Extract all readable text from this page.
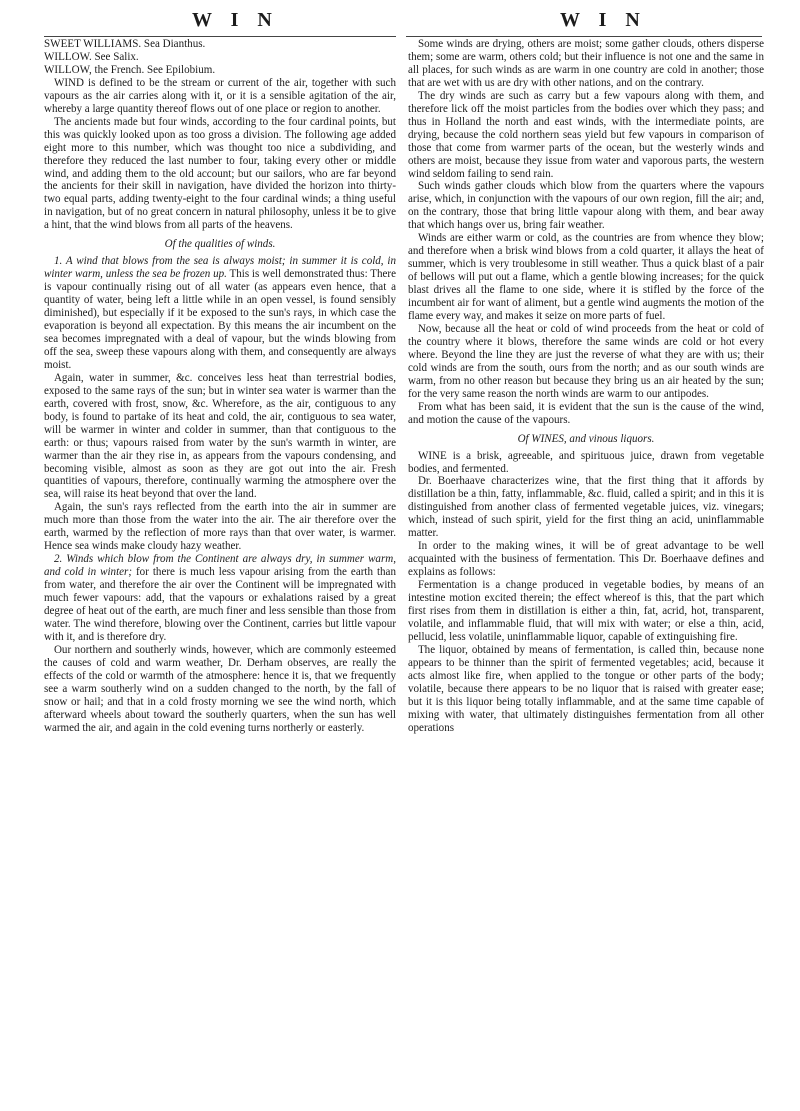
W I N	W I N

SWEET WILLIAMS. Sea Dianthus.

WILLOW. See Salix.

WILLOW, the French. See Epilobium.

WIND is defined to be the stream or current of the air, together with such vapours as the air carries along with it, or it is a sensible agitation of the air, whereby a large quantity thereof flows out of one place or region to another.

The ancients made but four winds, according to the four cardinal points, but this was quickly looked upon as too gross a division. The following age added eight more to this number, which was thought too nice a subdividing, and therefore they reduced the last number to four, taking every other or middle wind, and adding them to the old account; but our sailors, who are far beyond the ancients for their skill in navigation, have divided the horizon into thirty-two equal parts, adding twenty-eight to the four cardinal winds; a thing useful in navigation, but of no great concern in natural philosophy, unless it be to give a hint, that the wind blows from all parts of the heavens.

Of the qualities of winds.

1. A wind that blows from the sea is always moist; in summer it is cold, in winter warm, unless the sea be frozen up. This is well demonstrated thus: There is vapour continually rising out of all water (as appears even hence, that a quantity of water, being left a little while in an open vessel, is found sensibly diminished), but especially if it be exposed to the sun's rays, in which case the evaporation is beyond all expectation. By this means the air incumbent on the sea becomes impregnated with a deal of vapour, but the winds blowing from off the sea, sweep these vapours along with them, and consequently are always moist.

Again, water in summer, &c. conceives less heat than terrestrial bodies, exposed to the same rays of the sun; but in winter sea water is warmer than the earth, covered with frost, snow, &c. Wherefore, as the air, contiguous to any body, is found to partake of its heat and cold, the air, contiguous to sea water, will be warmer in winter and colder in summer, than that contiguous to the earth: or thus; vapours raised from water by the sun's warmth in winter, are warmer than the air they rise in, as appears from the vapours condensing, and becoming visible, almost as soon as they are got out into the air. Fresh quantities of vapours, therefore, continually warming the atmosphere over the sea, will raise its heat beyond that over the land.

Again, the sun's rays reflected from the earth into the air in summer are much more than those from the water into the air. The air therefore over the earth, warmed by the reflection of more rays than that over water, is warmer. Hence sea winds make cloudy hazy weather.

2. Winds which blow from the Continent are always dry, in summer warm, and cold in winter; for there is much less vapour arising from the earth than from water, and therefore the air over the Continent will be impregnated with much fewer vapours: add, that the vapours or exhalations raised by a great degree of heat out of the earth, are much finer and less sensible than those from water. The wind therefore, blowing over the Continent, carries but little vapour with it, and is therefore dry.

Our northern and southerly winds, however, which are commonly esteemed the causes of cold and warm weather, Dr. Derham observes, are really the effects of the cold or warmth of the atmosphere: hence it is, that we frequently see a warm southerly wind on a sudden changed to the north, by the fall of snow or hail; and that in a cold frosty morning we see the wind north, which afterward wheels about toward the southerly quarters, when the sun has well warmed the air, and again in the cold evening turns northerly or easterly.

Some winds are drying, others are moist; some gather clouds, others disperse them; some are warm, others cold; but their influence is not one and the same in all places, for such winds as are warm in one country are cold in another; those that are wet with us are dry with other nations, and on the contrary.

The dry winds are such as carry but a few vapours along with them, and therefore lick off the moist particles from the bodies over which they pass; and thus in Holland the north and east winds, with the intermediate points, are drying, because the cold northern seas yield but few vapours in comparison of those that come from warmer parts of the ocean, but the westerly winds and others are moist, because they issue from water and vaporous parts, the western wind seldom failing to send rain.

Such winds gather clouds which blow from the quarters where the vapours arise, which, in conjunction with the vapours of our own region, fill the air; and, on the contrary, those that bring little vapour along with them, and bear away that which hangs over us, bring fair weather.

Winds are either warm or cold, as the countries are from whence they blow; and therefore when a brisk wind blows from a cold quarter, it allays the heat of summer, which is very troublesome in still weather. Thus a quick blast of a pair of bellows will put out a flame, which a gentle blowing increases; for the quick blast drives all the flame to one side, where it is stifled by the force of the incumbent air for want of aliment, but a gentle wind augments the motion of the flame every way, and makes it seize on more parts of fuel.

Now, because all the heat or cold of wind proceeds from the heat or cold of the country where it blows, therefore the same winds are cold or hot every where. Beyond the line they are just the reverse of what they are with us; their cold winds are from the south, ours from the north; and as our south winds are warm, from no other reason but because they bring us an air heated by the sun; for the very same reason the north winds are warm to our antipodes.

From what has been said, it is evident that the sun is the cause of the wind, and motion the cause of the vapours.

Of WINES, and vinous liquors.

WINE is a brisk, agreeable, and spirituous juice, drawn from vegetable bodies, and fermented.

Dr. Boerhaave characterizes wine, that the first thing that it affords by distillation be a thin, fatty, inflammable, &c. fluid, called a spirit; and in this it is distinguished from another class of fermented vegetable juices, viz. vinegars; which, instead of such spirit, yield for the first thing an acid, uninflammable matter.

In order to the making wines, it will be of great advantage to be well acquainted with the business of fermentation. This Dr. Boerhaave defines and explains as follows:

Fermentation is a change produced in vegetable bodies, by means of an intestine motion excited therein; the effect whereof is this, that the part which first rises from them in distillation is either a thin, fat, acrid, hot, transparent, volatile, and inflammable fluid, that will mix with water; or else a thin, acid, pellucid, less volatile, uninflammable liquor, capable of extinguishing fire.

The liquor, obtained by means of fermentation, is called thin, because none appears to be thinner than the spirit of fermented vegetables; acid, because it acts almost like fire, when applied to the tongue or other parts of the body; volatile, because there appears to be no liquor that is raised with greater ease; but it is this liquor being totally inflammable, and at the same time capable of mixing with water, that ultimately distinguishes fermentation from all other operations
